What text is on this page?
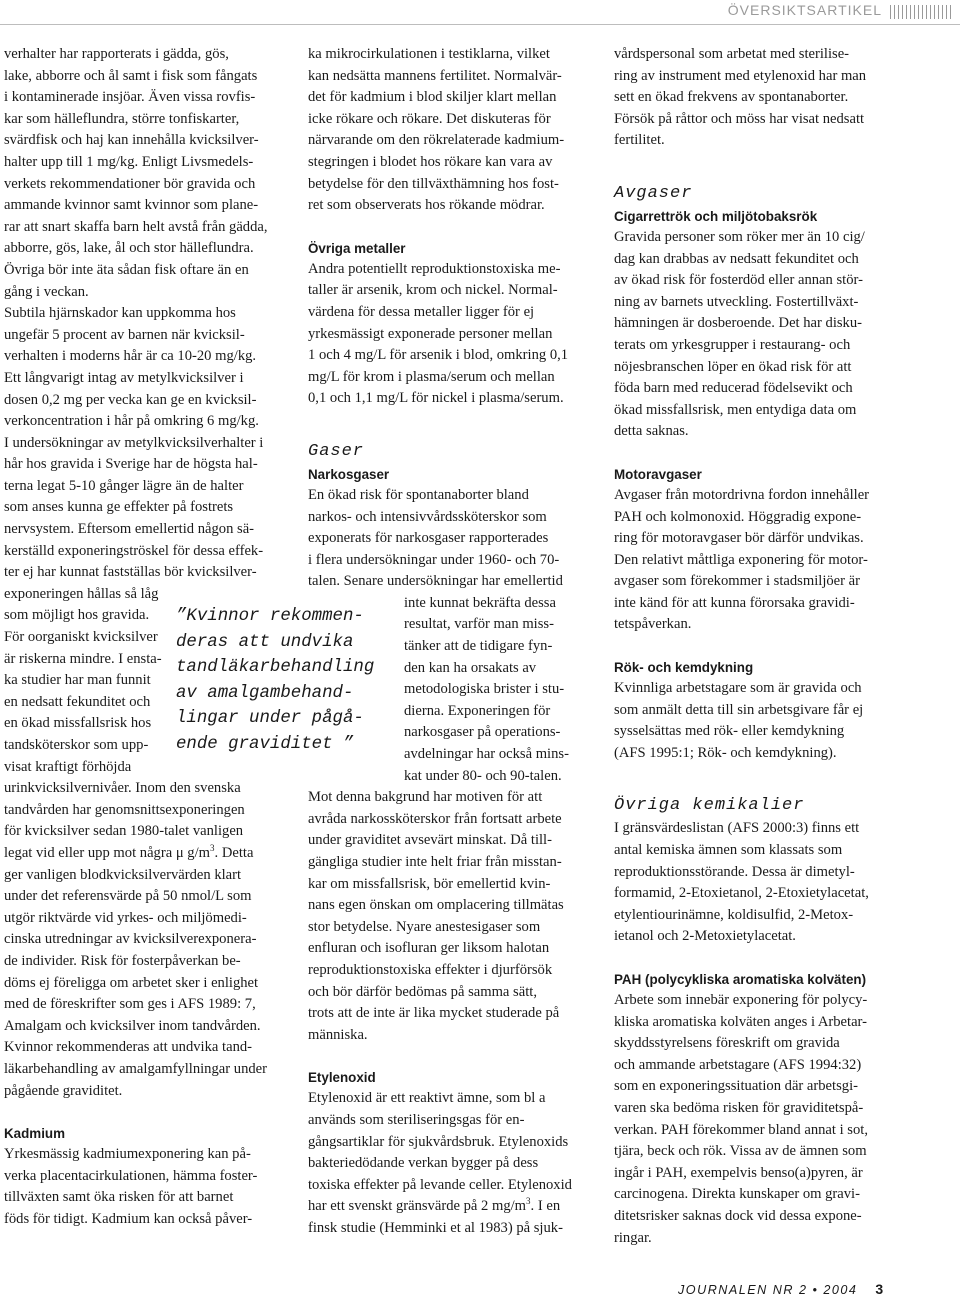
ÖVERSIKTSARTIKEL

verhalter har rapporterats i gädda, gös,
lake, abborre och ål samt i fisk som fångats
i kontaminerade insjöar. Även vissa rovfis-
kar som hälleflundra, större tonfiskarter,
svärdfisk och haj kan innehålla kvicksilver-
halter upp till 1 mg/kg. Enligt Livsmedels-
verkets rekommendationer bör gravida och
ammande kvinnor samt kvinnor som plane-
rar att snart skaffa barn helt avstå från gädda,
abborre, gös, lake, ål och stor hälleflundra.
Övriga bör inte äta sådan fisk oftare än en
gång i veckan.

Subtila hjärnskador kan uppkomma hos
ungefär 5 procent av barnen när kvicksil-
verhalten i moderns hår är ca 10-20 mg/kg.
Ett långvarigt intag av metylkvicksilver i
dosen 0,2 mg per vecka kan ge en kvicksil-
verkoncentration i hår på omkring 6 mg/kg.
I undersökningar av metylkvicksilverhalter i
hår hos gravida i Sverige har de högsta hal-
terna legat 5-10 gånger lägre än de halter
som anses kunna ge effekter på fostrets
nervsystem. Eftersom emellertid någon sä-
kerställd exponeringströskel för dessa effek-
ter ej har kunnat fastställas bör kvicksilver-
exponeringen hållas så låg
som möjligt hos gravida.
För oorganiskt kvicksilver
är riskerna mindre. I ensta-
ka studier har man funnit
en nedsatt fekunditet och
en ökad missfallsrisk hos
tandsköterskor som upp-
visat kraftigt förhöjda
urinkvicksilvernivåer. Inom den svenska
tandvården har genomsnittsexponeringen
för kvicksilver sedan 1980-talet vanligen
legat vid eller upp mot några μ $g/m^3$. Detta
ger vanligen blodkvicksilvervärden klart
under det referensvärde på 50 nmol/L som
utgör riktvärde vid yrkes- och miljömedi-
cinska utredningar av kvicksilverexponera-
de individer. Risk för fosterpåverkan be-
döms ej föreligga om arbetet sker i enlighet
med de föreskrifter som ges i AFS 1989: 7,
Amalgam och kvicksilver inom tandvården.
Kvinnor rekommenderas att undvika tand-
läkarbehandling av amalgamfyllningar under
pågående graviditet.

Kadmium

Yrkesmässig kadmiumexponering kan på-
verka placentacirkulationen, hämma foster-
tillväxten samt öka risken för att barnet
föds för tidigt. Kadmium kan också påver-

”Kvinnor rekommen-
deras att undvika
tandläkarbehandling
av amalgambehand-
lingar under pågå-
ende graviditet ”

ka mikrocirkulationen i testiklarna, vilket
kan nedsätta mannens fertilitet. Normalvär-
det för kadmium i blod skiljer klart mellan
icke rökare och rökare. Det diskuteras för
närvarande om den rökrelaterade kadmium-
stegringen i blodet hos rökare kan vara av
betydelse för den tillväxthämning hos fost-
ret som observerats hos rökande mödrar.

Övriga metaller

Andra potentiellt reproduktionstoxiska me-
taller är arsenik, krom och nickel. Normal-
värdena för dessa metaller ligger för ej
yrkesmässigt exponerade personer mellan
1 och 4 mg/L för arsenik i blod, omkring 0,1
mg/L för krom i plasma/serum och mellan
0,1 och 1,1 mg/L för nickel i plasma/serum.

Gaser

Narkosgaser

En ökad risk för spontanaborter bland
narkos- och intensivvårdssköterskor som
exponerats för narkosgaser rapporterades
i flera undersökningar under 1960- och 70-
talen. Senare undersökningar har emellertid

inte kunnat bekräfta dessa
resultat, varför man miss-
tänker att de tidigare fyn-
den kan ha orsakats av
metodologiska brister i stu-
dierna. Exponeringen för
narkosgaser på operations-
avdelningar har också mins-
kat under 80- och 90-talen.

Mot denna bakgrund har motiven för att
avråda narkossköterskor från fortsatt arbete
under graviditet avsevärt minskat. Då till-
gängliga studier inte helt friar från misstan-
kar om missfallsrisk, bör emellertid kvin-
nans egen önskan om omplacering tillmätas
stor betydelse. Nyare anestesigaser som
enfluran och isofluran ger liksom halotan
reproduktionstoxiska effekter i djurförsök
och bör därför bedömas på samma sätt,
trots att de inte är lika mycket studerade på
människa.

Etylenoxid

Etylenoxid är ett reaktivt ämne, som bl a
används som steriliseringsgas för en-
gångsartiklar för sjukvårdsbruk. Etylenoxids
bakteriedödande verkan bygger på dess
toxiska effekter på levande celler. Etylenoxid
har ett svenskt gränsvärde på 2 $mg/m^3$. I en
finsk studie (Hemminki et al 1983) på sjuk-

vårdspersonal som arbetat med sterilise-
ring av instrument med etylenoxid har man
sett en ökad frekvens av spontanaborter.
Försök på råttor och möss har visat nedsatt
fertilitet.

Avgaser

Cigarrettrök och miljötobaksrök

Gravida personer som röker mer än 10 cig/
dag kan drabbas av nedsatt fekunditet och
av ökad risk för fosterdöd eller annan stör-
ning av barnets utveckling. Fostertillväxt-
hämningen är dosberoende. Det har disku-
terats om yrkesgrupper i restaurang- och
nöjesbranschen löper en ökad risk för att
föda barn med reducerad födelsevikt och
ökad missfallsrisk, men entydiga data om
detta saknas.

Motoravgaser

Avgaser från motordrivna fordon innehåller
PAH och kolmonoxid. Höggradig expone-
ring för motoravgaser bör därför undvikas.
Den relativt måttliga exponering för motor-
avgaser som förekommer i stadsmiljöer är
inte känd för att kunna förorsaka gravidi-
tetspåverkan.

Rök- och kemdykning

Kvinnliga arbetstagare som är gravida och
som anmält detta till sin arbetsgivare får ej
sysselsättas med rök- eller kemdykning
(AFS 1995:1; Rök- och kemdykning).

Övriga kemikalier

I gränsvärdeslistan (AFS 2000:3) finns ett
antal kemiska ämnen som klassats som
reproduktionsstörande. Dessa är dimetyl-
formamid, 2-Etoxietanol, 2-Etoxietylacetat,
etylentiourinämne, koldisulfid, 2-Metox-
ietanol och 2-Metoxietylacetat.

PAH (polycykliska aromatiska kolväten)

Arbete som innebär exponering för polycy-
kliska aromatiska kolväten anges i Arbetar-
skyddsstyrelsens föreskrift om gravida
och ammande arbetstagare (AFS 1994:32)
som en exponeringssituation där arbetsgi-
varen ska bedöma risken för graviditetspå-
verkan. PAH förekommer bland annat i sot,
tjära, beck och rök. Vissa av de ämnen som
ingår i PAH, exempelvis benso(a)pyren, är
carcinogena. Direkta kunskaper om gravi-
ditetsrisker saknas dock vid dessa expone-
ringar.

JOURNALEN NR 2 • 2004 3
